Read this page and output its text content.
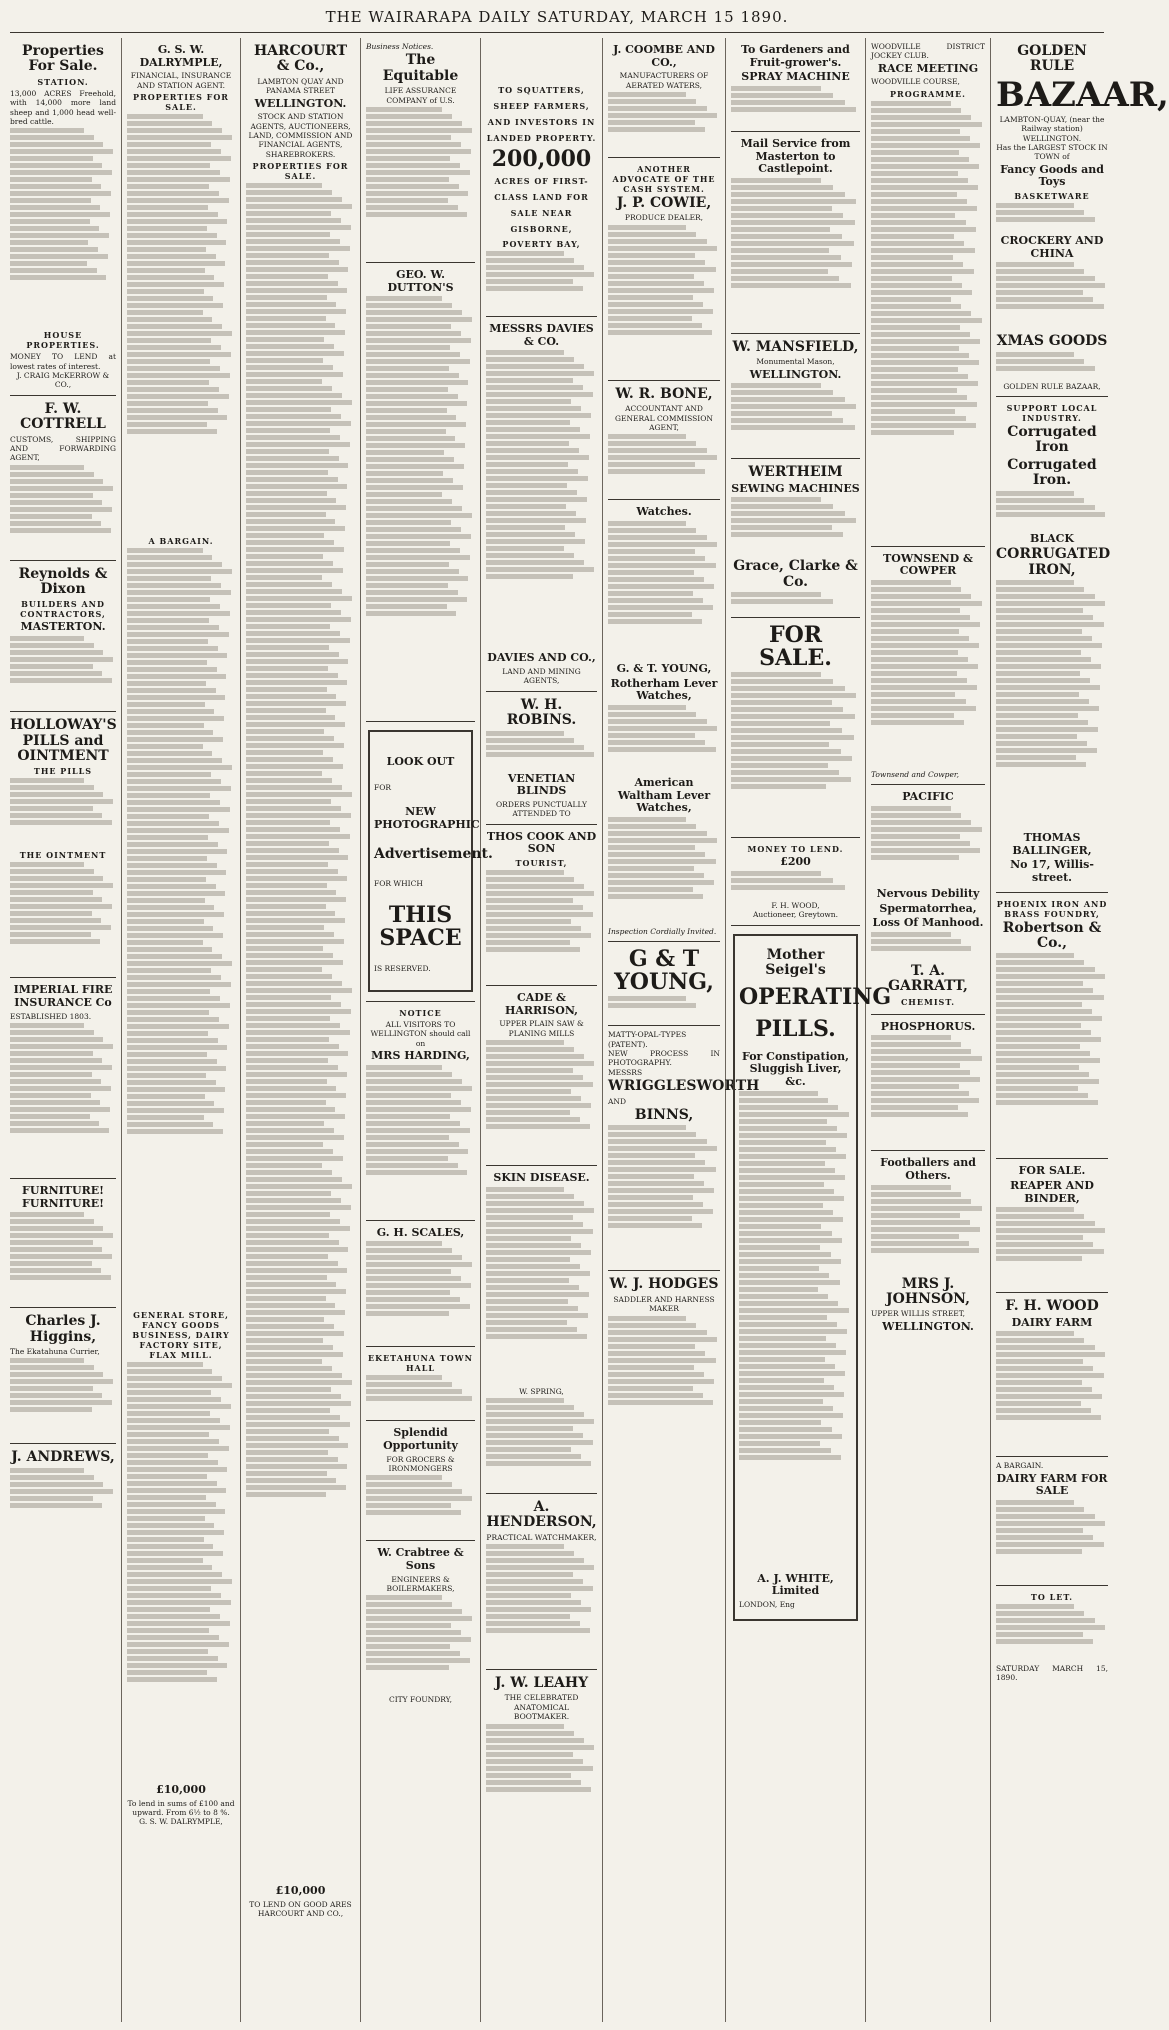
THE WAIRARAPA DAILY SATURDAY, MARCH 15 1890.
Properties For Sale.
STATION.
13,000 ACRES Freehold, with 14,000 more land sheep and 1,000 head well-bred cattle.
HOUSE PROPERTIES.
MONEY TO LEND at lowest rates of interest.
J. CRAIG McKERROW & CO.,
F. W. COTTRELL
CUSTOMS, SHIPPING AND FORWARDING AGENT,
Reynolds & Dixon
BUILDERS AND CONTRACTORS,
MASTERTON.
HOLLOWAY'S PILLS and OINTMENT
THE PILLS
THE OINTMENT
IMPERIAL FIRE INSURANCE Co
ESTABLISHED 1803.
FURNITURE! FURNITURE!
Charles J. Higgins,
The Ekatahuna Currier,
J. ANDREWS,
G. S. W. DALRYMPLE,
FINANCIAL, INSURANCE AND STATION AGENT.
PROPERTIES FOR SALE.
A BARGAIN.
GENERAL STORE, FANCY GOODS BUSINESS, DAIRY FACTORY SITE, FLAX MILL.
£10,000
To lend in sums of £100 and upward. From 6½ to 8 %.
G. S. W. DALRYMPLE,
HARCOURT & Co.,
LAMBTON QUAY AND PANAMA STREET
WELLINGTON.
STOCK AND STATION AGENTS, AUCTIONEERS, LAND, COMMISSION AND FINANCIAL AGENTS, SHAREBROKERS.
PROPERTIES FOR SALE.
£10,000
TO LEND ON GOOD ARES
HARCOURT AND CO.,
Business Notices.
The Equitable
LIFE ASSURANCE COMPANY of U.S.
GEO. W. DUTTON'S
LOOK OUT
FOR
NEW PHOTOGRAPHIC
Advertisement.
FOR WHICH
THIS SPACE
IS RESERVED.
NOTICE
ALL VISITORS TO WELLINGTON should call on
MRS HARDING,
G. H. SCALES,
EKETAHUNA TOWN HALL
Splendid Opportunity
FOR GROCERS & IRONMONGERS
W. Crabtree & Sons
ENGINEERS & BOILERMAKERS,
CITY FOUNDRY,
TO SQUATTERS, SHEEP FARMERS, AND INVESTORS IN LANDED PROPERTY.
200,000
ACRES OF FIRST-CLASS LAND FOR SALE NEAR GISBORNE,
POVERTY BAY,
MESSRS DAVIES & CO.
DAVIES AND CO.,
LAND AND MINING AGENTS,
W. H. ROBINS.
VENETIAN BLINDS
ORDERS PUNCTUALLY ATTENDED TO
THOS COOK AND SON
TOURIST,
CADE & HARRISON,
UPPER PLAIN SAW & PLANING MILLS
SKIN DISEASE.
W. SPRING,
A. HENDERSON,
PRACTICAL WATCHMAKER,
J. W. LEAHY
THE CELEBRATED ANATOMICAL BOOTMAKER.
J. COOMBE AND CO.,
MANUFACTURERS OF AERATED WATERS,
ANOTHER ADVOCATE OF THE CASH SYSTEM.
J. P. COWIE,
PRODUCE DEALER,
W. R. BONE,
ACCOUNTANT AND GENERAL COMMISSION AGENT,
Watches.
G. & T. YOUNG,
Rotherham Lever Watches,
American Waltham Lever Watches,
Inspection Cordially Invited.
G & T YOUNG,
MATTY-OPAL-TYPES (PATENT).
NEW PROCESS IN PHOTOGRAPHY.
MESSRS
WRIGGLESWORTH
AND
BINNS,
W. J. HODGES
SADDLER AND HARNESS MAKER
To Gardeners and Fruit-grower's.
SPRAY MACHINE
Mail Service from Masterton to Castlepoint.
W. MANSFIELD,
Monumental Mason,
WELLINGTON.
WERTHEIM
SEWING MACHINES
Grace, Clarke & Co.
FOR SALE.
MONEY TO LEND.
£200
F. H. WOOD,
Auctioneer, Greytown.
Mother Seigel's
OPERATING
PILLS.
For Constipation, Sluggish Liver, &c.
A. J. WHITE, Limited
LONDON, Eng
WOODVILLE DISTRICT JOCKEY CLUB.
RACE MEETING
WOODVILLE COURSE,
PROGRAMME.
TOWNSEND & COWPER
Townsend and Cowper,
PACIFIC
Nervous Debility
Spermatorrhea,
Loss Of Manhood.
T. A. GARRATT,
CHEMIST.
PHOSPHORUS.
Footballers and Others.
MRS J. JOHNSON,
UPPER WILLIS STREET,
WELLINGTON.
GOLDEN RULE
BAZAAR,
LAMBTON-QUAY, (near the Railway station) WELLINGTON.
Has the LARGEST STOCK IN TOWN of
Fancy Goods and Toys
BASKETWARE
CROCKERY AND CHINA
XMAS GOODS
GOLDEN RULE BAZAAR,
SUPPORT LOCAL INDUSTRY.
Corrugated Iron
Corrugated Iron.
BLACK
CORRUGATED IRON,
THOMAS BALLINGER,
No 17, Willis-street.
PHOENIX IRON AND BRASS FOUNDRY,
Robertson & Co.,
FOR SALE.
REAPER AND BINDER,
F. H. WOOD
DAIRY FARM
A BARGAIN.
DAIRY FARM FOR SALE
TO LET.
SATURDAY MARCH 15, 1890.
